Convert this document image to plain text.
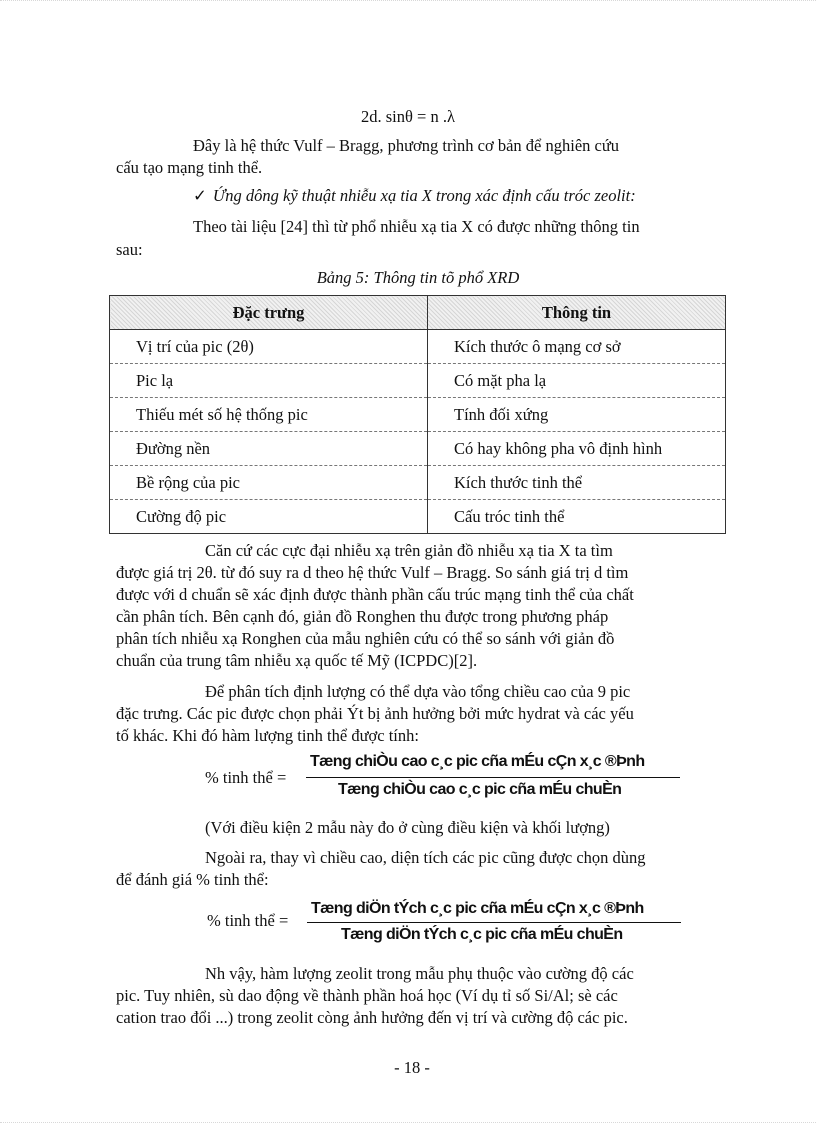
2d. sinθ = n .λ
Đây là hệ thức Vulf – Bragg, phương trình cơ bản để nghiên cứu
cấu tạo mạng tinh thể.
✓ Ứng dông kỹ thuật nhiễu xạ tia X trong xác định cấu tróc zeolit:
Theo tài liệu [24] thì từ phổ nhiễu xạ tia X có được những thông tin
sau:
Bảng 5: Thông tin tõ phổ XRD
Đặc trưng	Thông tin
Vị trí của pic (2θ)	Kích thước ô mạng cơ sở
Pic lạ	Có mặt pha lạ
Thiếu mét số hệ thống pic	Tính đối xứng
Đường nền	Có hay không pha vô định hình
Bề rộng của pic	Kích thước tinh thể
Cường độ pic	Cấu tróc tinh thể
Căn cứ các cực đại nhiễu xạ trên giản đồ nhiễu xạ tia X ta tìm
được giá trị 2θ. từ đó suy ra d theo hệ thức Vulf – Bragg. So sánh giá trị d tìm
được với d chuẩn sẽ xác định được thành phần cấu trúc mạng tinh thể của chất
cần phân tích. Bên cạnh đó, giản đồ Ronghen thu được trong phương pháp
phân tích nhiễu xạ Ronghen của mẫu nghiên cứu có thể so sánh với giản đồ
chuẩn của trung tâm nhiễu xạ quốc tế Mỹ (ICPDC)[2].
Để phân tích định lượng có thể dựa vào tổng chiều cao của 9 pic
đặc trưng. Các pic được chọn phải Ýt bị ảnh hưởng bởi mức hydrat và các yếu
tố khác. Khi đó hàm lượng tinh thể được tính:
% tinh thể =
Tæng chiÒu cao c¸c pic cña mÉu cÇn x¸c ®Þnh
Tæng chiÒu cao c¸c pic cña mÉu chuÈn
(Với điều kiện 2 mẫu này đo ở cùng điều kiện và khối lượng)
Ngoài ra, thay vì chiều cao, diện tích các pic cũng được chọn dùng
để đánh giá % tinh thể:
% tinh thể =
Tæng diÖn tÝch c¸c pic cña mÉu cÇn x¸c ®Þnh
Tæng diÖn tÝch c¸c pic cña mÉu chuÈn
Nh vậy, hàm lượng zeolit trong mẫu phụ thuộc vào cường độ các
pic. Tuy nhiên, sù dao động về thành phần hoá học (Ví dụ tỉ số Si/Al; sè các
cation trao đổi ...) trong zeolit còng ảnh hưởng đến vị trí và cường độ các pic.
- 18 -
